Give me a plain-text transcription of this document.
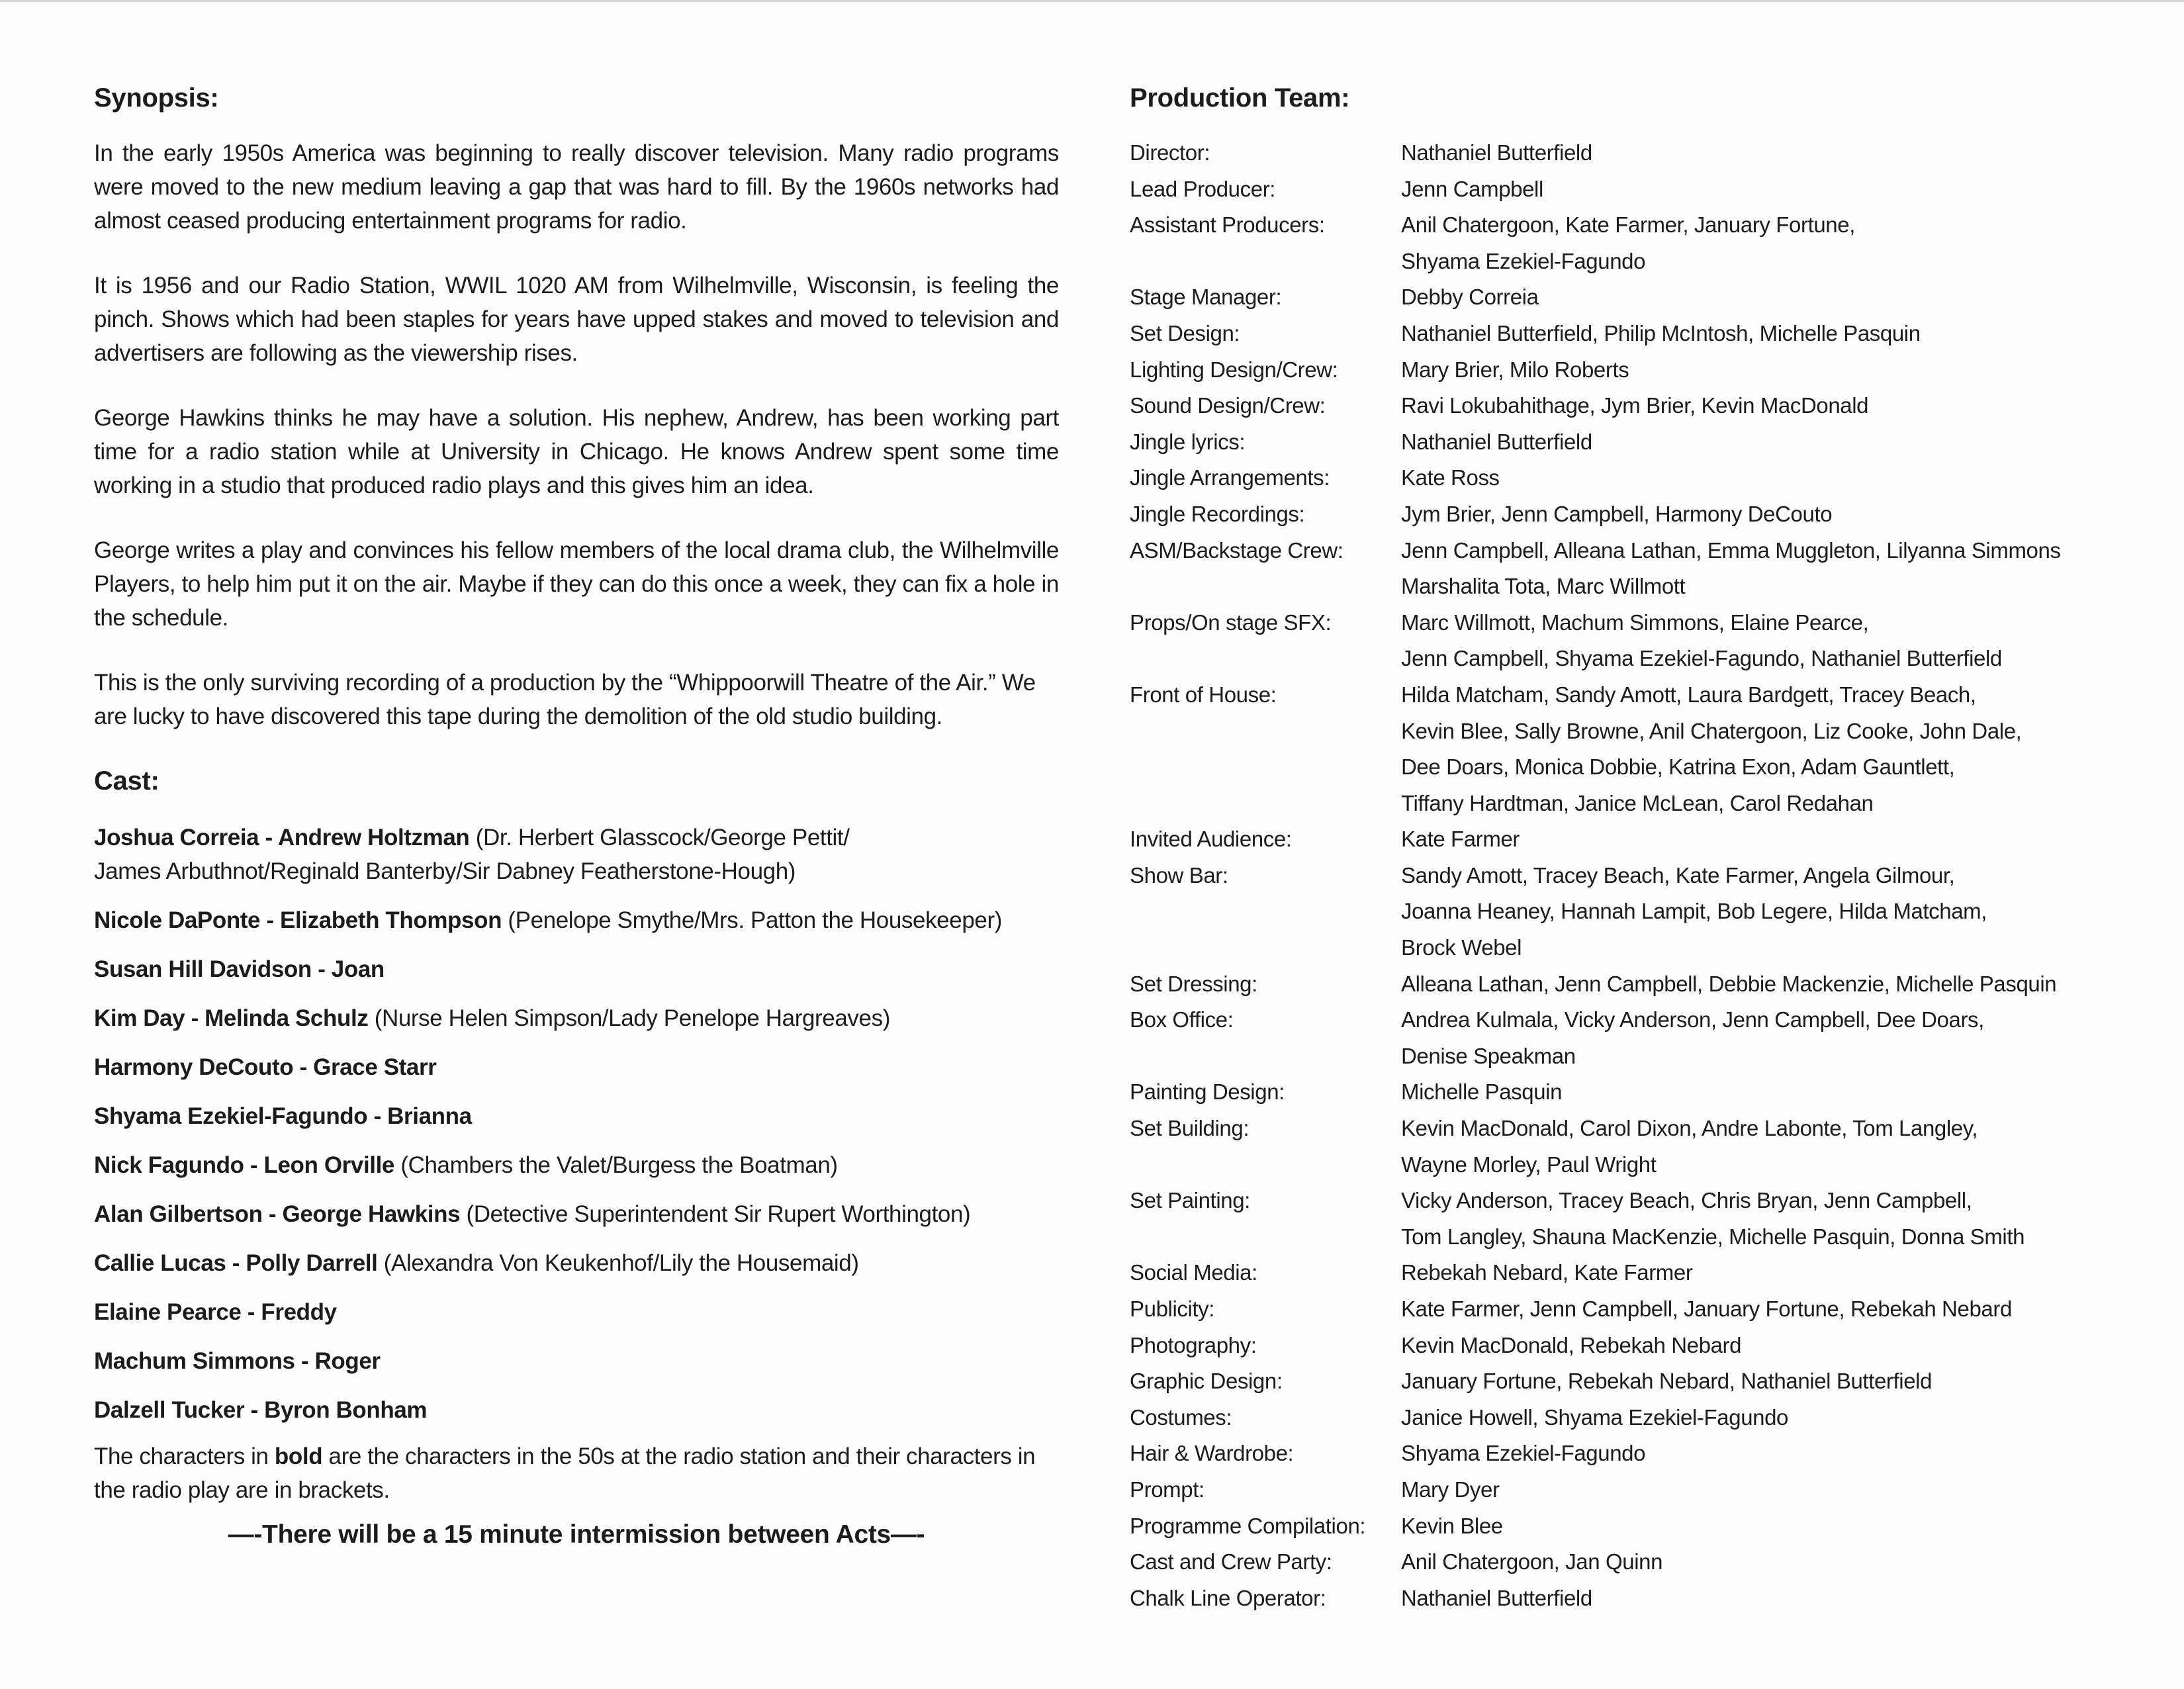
Synopsis:

In the early 1950s America was beginning to really discover television. Many radio programs were moved to the new medium leaving a gap that was hard to fill. By the 1960s networks had almost ceased producing entertainment programs for radio.

It is 1956 and our Radio Station, WWIL 1020 AM from Wilhelmville, Wisconsin, is feeling the pinch. Shows which had been staples for years have upped stakes and moved to television and advertisers are following as the viewership rises.

George Hawkins thinks he may have a solution. His nephew, Andrew, has been working part time for a radio station while at University in Chicago. He knows Andrew spent some time working in a studio that produced radio plays and this gives him an idea.

George writes a play and convinces his fellow members of the local drama club, the Wilhelmville Players, to help him put it on the air. Maybe if they can do this once a week, they can fix a hole in the schedule.

This is the only surviving recording of a production by the “Whippoorwill Theatre of the Air.” We are lucky to have discovered this tape during the demolition of the old studio building.

Cast:
Joshua Correia - Andrew Holtzman (Dr. Herbert Glasscock/George Pettit/
James Arbuthnot/Reginald Banterby/Sir Dabney Featherstone-Hough)
Nicole DaPonte - Elizabeth Thompson (Penelope Smythe/Mrs. Patton the Housekeeper)
Susan Hill Davidson - Joan
Kim Day - Melinda Schulz (Nurse Helen Simpson/Lady Penelope Hargreaves)
Harmony DeCouto - Grace Starr
Shyama Ezekiel-Fagundo - Brianna
Nick Fagundo - Leon Orville (Chambers the Valet/Burgess the Boatman)
Alan Gilbertson - George Hawkins (Detective Superintendent Sir Rupert Worthington)
Callie Lucas - Polly Darrell (Alexandra Von Keukenhof/Lily the Housemaid)
Elaine Pearce - Freddy
Machum Simmons - Roger
Dalzell Tucker - Byron Bonham
The characters in bold are the characters in the 50s at the radio station and their characters in the radio play are in brackets.
—-There will be a 15 minute intermission between Acts—-
Production Team:
Director:	Nathaniel Butterfield
Lead Producer:	Jenn Campbell
Assistant Producers:	Anil Chatergoon, Kate Farmer, January Fortune,
Shyama Ezekiel-Fagundo
Stage Manager:	Debby Correia
Set Design:	Nathaniel Butterfield, Philip McIntosh, Michelle Pasquin
Lighting Design/Crew:	Mary Brier, Milo Roberts
Sound Design/Crew:	Ravi Lokubahithage, Jym Brier, Kevin MacDonald
Jingle lyrics:	Nathaniel Butterfield
Jingle Arrangements:	Kate Ross
Jingle Recordings:	Jym Brier, Jenn Campbell, Harmony DeCouto
ASM/Backstage Crew:	Jenn Campbell, Alleana Lathan, Emma Muggleton, Lilyanna Simmons
Marshalita Tota, Marc Willmott
Props/On stage SFX:	Marc Willmott, Machum Simmons, Elaine Pearce,
Jenn Campbell, Shyama Ezekiel-Fagundo, Nathaniel Butterfield
Front of House:	Hilda Matcham, Sandy Amott, Laura Bardgett, Tracey Beach,
Kevin Blee, Sally Browne, Anil Chatergoon, Liz Cooke, John Dale,
Dee Doars, Monica Dobbie, Katrina Exon, Adam Gauntlett,
Tiffany Hardtman, Janice McLean, Carol Redahan
Invited Audience:	Kate Farmer
Show Bar:	Sandy Amott, Tracey Beach, Kate Farmer, Angela Gilmour,
Joanna Heaney, Hannah Lampit, Bob Legere, Hilda Matcham,
Brock Webel
Set Dressing:	Alleana Lathan, Jenn Campbell, Debbie Mackenzie, Michelle Pasquin
Box Office:	Andrea Kulmala, Vicky Anderson, Jenn Campbell, Dee Doars,
Denise Speakman
Painting Design:	Michelle Pasquin
Set Building:	Kevin MacDonald, Carol Dixon, Andre Labonte, Tom Langley,
Wayne Morley, Paul Wright
Set Painting:	Vicky Anderson, Tracey Beach, Chris Bryan, Jenn Campbell,
Tom Langley, Shauna MacKenzie, Michelle Pasquin, Donna Smith
Social Media:	Rebekah Nebard, Kate Farmer
Publicity:	Kate Farmer, Jenn Campbell, January Fortune, Rebekah Nebard
Photography:	Kevin MacDonald, Rebekah Nebard
Graphic Design:	January Fortune, Rebekah Nebard, Nathaniel Butterfield
Costumes:	Janice Howell, Shyama Ezekiel-Fagundo
Hair & Wardrobe:	Shyama Ezekiel-Fagundo
Prompt:	Mary Dyer
Programme Compilation:	Kevin Blee
Cast and Crew Party:	Anil Chatergoon, Jan Quinn
Chalk Line Operator:	Nathaniel Butterfield
